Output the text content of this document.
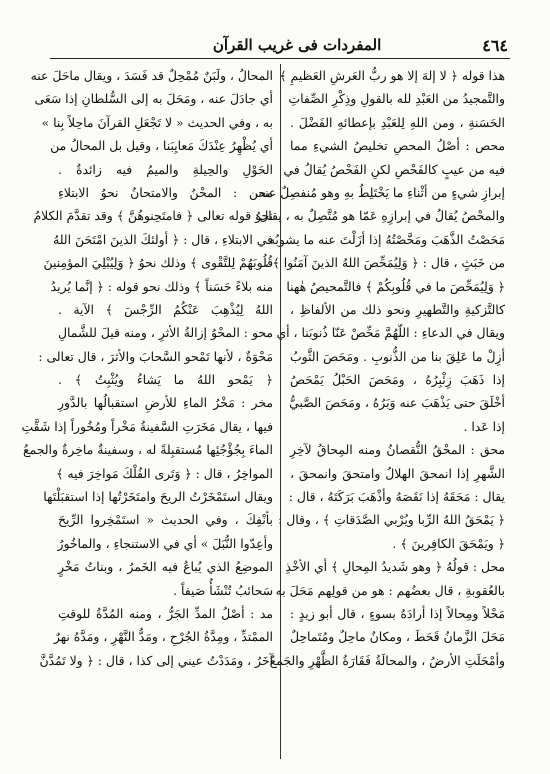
٤٦٤
المفردات فى غريب القرآن
هذا قوله ﴿ لا إلهَ إلا هو ربُّ العَرشِ العَظيمِ ﴾
والتَّمجيدُ من العَبْدِ لله بالقولِ وذِكْرِ الصِّفاتِ
الحَسَنةِ ، ومن اللهِ لِلعَبْدِ بإعطائهِ الفَضْلَ .
محص : أصْلُ المحصِ تخليصُ الشيءِ مما
فيه من عيبٍ كالفَحْصِ لكنِ الفَحْصُ يُقالُ في
إبرازِ شيءٍ من أثْناءِ ما يَخْتَلِطُ بهِ وهو مُنفصِلٌ عنه،
والمحْصُ يُقالُ في إبرازِهِ عَمّا هو مُتَّصِلٌ به ، يقال:
مَحَصْتُ الذَّهَبَ ومَحَّصْتُهُ إذا أزَلْتَ عنه ما يشوبُه
من خَبَثٍ ، قال : ﴿ وَلِيُمَحِّصَ اللهُ الذينَ آمَنُوا ﴾ ،
﴿ وَلِيُمَحِّصَ ما في قُلُوبِكُمْ ﴾ فالتَّمحيصُ هٰهنا
كالتَّزكيةِ والتَّطهيرِ ونحو ذلك من الألفاظِ ،
ويقال في الدعاءِ : اللّهُمَّ مَحِّصْ عَنّا ذُنوبَنا ، أي
أزِلْ ما عَلِقَ بنا من الذُّنوبِ . ومَحَصَ الثَّوبُ
إذا ذَهَبَ زِئْبِرُهُ ، ومَحَصَ الحَبْلُ يَمْحَصُ
أخْلَقَ حتى يَذْهَبَ عنه وَبَرُهُ ، ومَحَصَ الصَّبيُّ
إذا عَدا .
محق : المحْقُ النُّقصانُ ومنه المِحاقُ لآخِرِ
الشَّهرِ إذا انمحقَ الهلالُ وامتحقَ وانمحقَ ،
يقال : مَحَقَهُ إذا نَقَصَهُ وأذْهَبَ بَرَكَتَهُ ، قال :
﴿ يَمْحَقُ اللهُ الرِّبا ويُرْبي الصَّدَقاتِ ﴾ ، وقال :
﴿ ويَمْحَقَ الكافِرينَ ﴾ .
محل : قولُهُ ﴿ وهو شَديدُ المِحالِ ﴾ أي الأخْذِ
بالعُقوبةِ ، قال بعضُهم : هو من قولِهم مَحَلَ به
مَحْلاً ومِحالاً إذا أرادَهُ بسوءٍ ، قال أبو زيدٍ :
مَحَلَ الزَّمانُ قَحَطَ ، ومكانٌ ماحِلٌ ومُتَماحِلٌ
وأمْحَلَتِ الأرضُ ، والمحالَةُ فَقَارَةُ الظَّهْرِ والجَمعُ
المحالُ ، ولَبَنٌ مُمْحِلٌ قد فَسَدَ ، ويقال ماحَلَ عنه
أي جادَلَ عنه ، ومَحَلَ به إلى السُّلطانِ إذا سَعَى
به ، وفي الحديث « لا تَجْعَلِ القرآنَ ماحِلاً بِنا »
أي يُظْهِرُ عِنْدَكَ مَعايِبَنا ، وقيل بل المحالُ من
الحَوْلِ والحِيلةِ والميمُ فيه زائدةٌ .
محن : المحْنُ والامتحانُ نحوُ الابتلاءِ
نحوُ قوله تعالى ﴿ فامتَحِنوهُنَّ ﴾ وقد تقدَّمَ الكلامُ
في الابتلاءِ ، قال : ﴿ أولئكَ الذينَ امْتَحَنَ اللهُ
قُلُوبَهُمْ لِلتَّقْوى ﴾ وذلك نحوُ ﴿ وَلِيُبْلِيَ المؤمِنينَ
منه بلاءً حَسَناً ﴾ وذلك نحو قوله : ﴿ إنَّما يُريدُ
اللهُ لِيُذْهِبَ عَنْكُمُ الرِّجْسَ ﴾ الآية .
محو : المحْوُ إزالةُ الأثرِ ، ومنه قيلَ للشَّمالِ
مَحْوَةٌ ، لأنها تَمْحو السَّحابَ والأثرَ ، قال تعالى :
﴿ يَمْحو اللهُ ما يَشاءُ ويُثْبِتُ ﴾ .
مخر : مَخْرُ الماءِ للأرضِ استقبالُها بالدَّورِ
فيها ، يقال مَخَرَتِ السَّفينةُ مَخْراً ومُخُوراً إذا شَقَّتِ
الماءَ بِجُؤْجُئِها مُستقبِلةً له ، وسفينةٌ ماخِرةٌ والجمعُ
المواخِرُ ، قال : ﴿ وَتَرى الفُلْكَ مَواخِرَ فيه ﴾
ويقال استَمْخَرْتُ الريحَ وامتَخَرْتُها إذا استقبَلْتَها
بأنْفِكَ ، وفي الحديث « استَمْخِروا الرِّيحَ
وأعِدّوا النُّبَلَ » أي في الاستنجاءِ ، والماخُورُ
الموضِعُ الذي يُباعُ فيه الخَمرُ ، وبناتُ مَخْرٍ
سَحائبُ تُنْشَأُ صَيفاً .
مد : أصْلُ المدِّ الجَرُّ ، ومنه المُدَّةُ للوقتِ
الممْتدِّ ، ومِدَّةُ الجُرْحِ ، ومَدُّ النَّهْرِ ، ومَدَّهُ نهرٌ
آخَرُ ، ومَدَدْتُ عيني إلى كذا ، قال : ﴿ ولا تَمُدَّنَّ
